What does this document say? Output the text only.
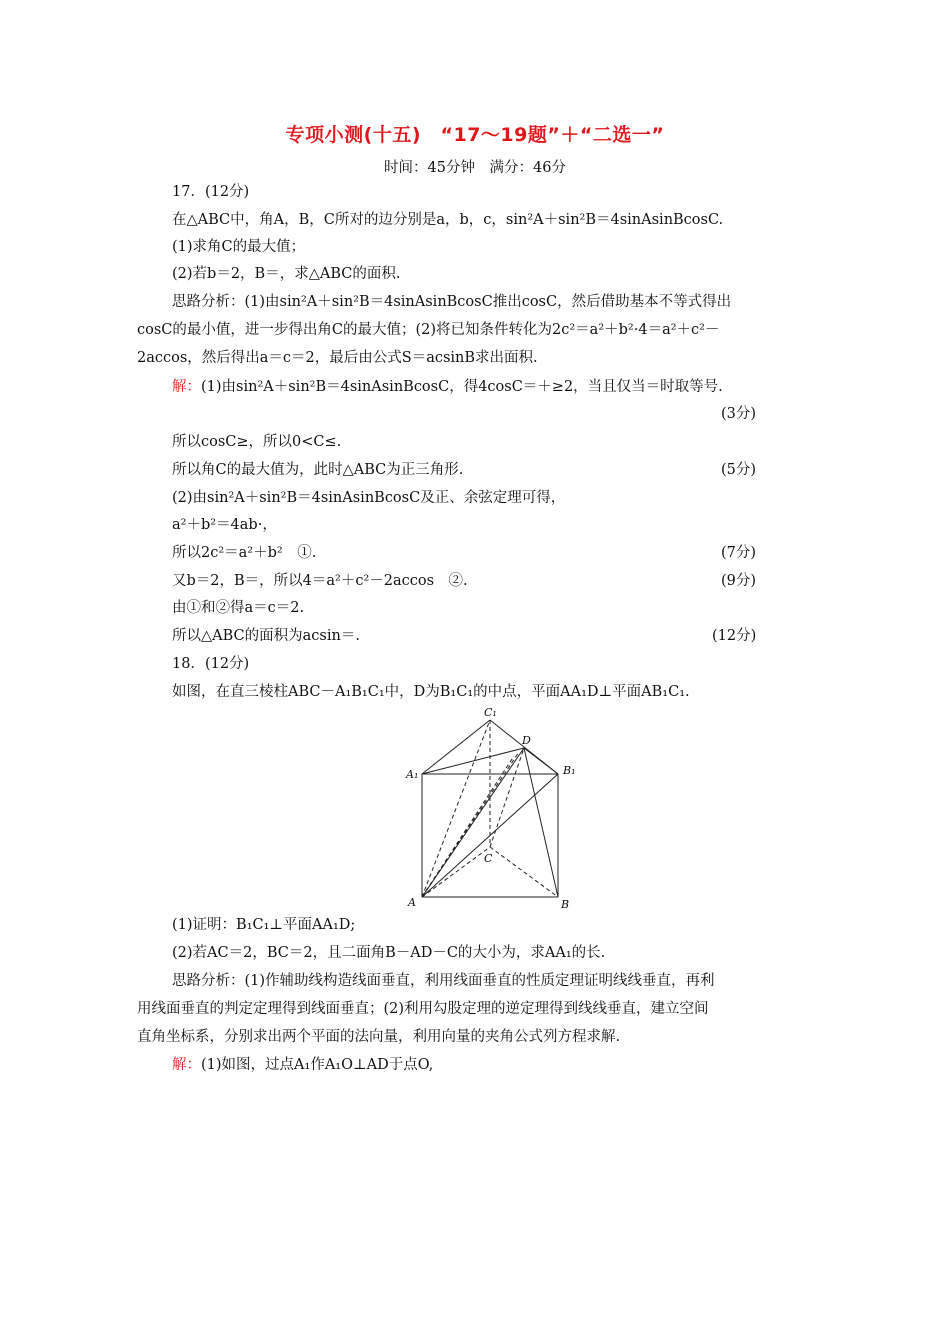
专项小测(十五)　“17～19题”＋“二选一”
时间：45分钟　满分：46分
17．(12分)
在△ABC中，角A，B，C所对的边分别是a，b，c，sin²A＋sin²B＝4sinAsinBcosC.
(1)求角C的最大值；
(2)若b＝2，B＝，求△ABC的面积.
思路分析：(1)由sin²A＋sin²B＝4sinAsinBcosC推出cosC，然后借助基本不等式得出
cosC的最小值，进一步得出角C的最大值；(2)将已知条件转化为2c²＝a²＋b²·4＝a²＋c²－
2accos，然后得出a＝c＝2，最后由公式S＝acsinB求出面积.
解：(1)由sin²A＋sin²B＝4sinAsinBcosC，得4cosC＝＋≥2，当且仅当＝时取等号.
(3分)
所以cosC≥，所以0<C≤.
所以角C的最大值为，此时△ABC为正三角形.	(5分)
(2)由sin²A＋sin²B＝4sinAsinBcosC及正、余弦定理可得，
a²＋b²＝4ab·，
所以2c²＝a²＋b²　①.	(7分)
又b＝2，B＝，所以4＝a²＋c²－2accos　②.	(9分)
由①和②得a＝c＝2.
所以△ABC的面积为acsin＝.	(12分)
18．(12分)
如图，在直三棱柱ABC－A₁B₁C₁中，D为B₁C₁的中点，平面AA₁D⊥平面AB₁C₁.
C₁
D
A₁	B₁
C
A	B
(1)证明：B₁C₁⊥平面AA₁D;
(2)若AC＝2，BC＝2，且二面角B－AD－C的大小为，求AA₁的长.
思路分析：(1)作辅助线构造线面垂直，利用线面垂直的性质定理证明线线垂直，再利
用线面垂直的判定定理得到线面垂直；(2)利用勾股定理的逆定理得到线线垂直，建立空间
直角坐标系，分别求出两个平面的法向量，利用向量的夹角公式列方程求解.
解：(1)如图，过点A₁作A₁O⊥AD于点O,
